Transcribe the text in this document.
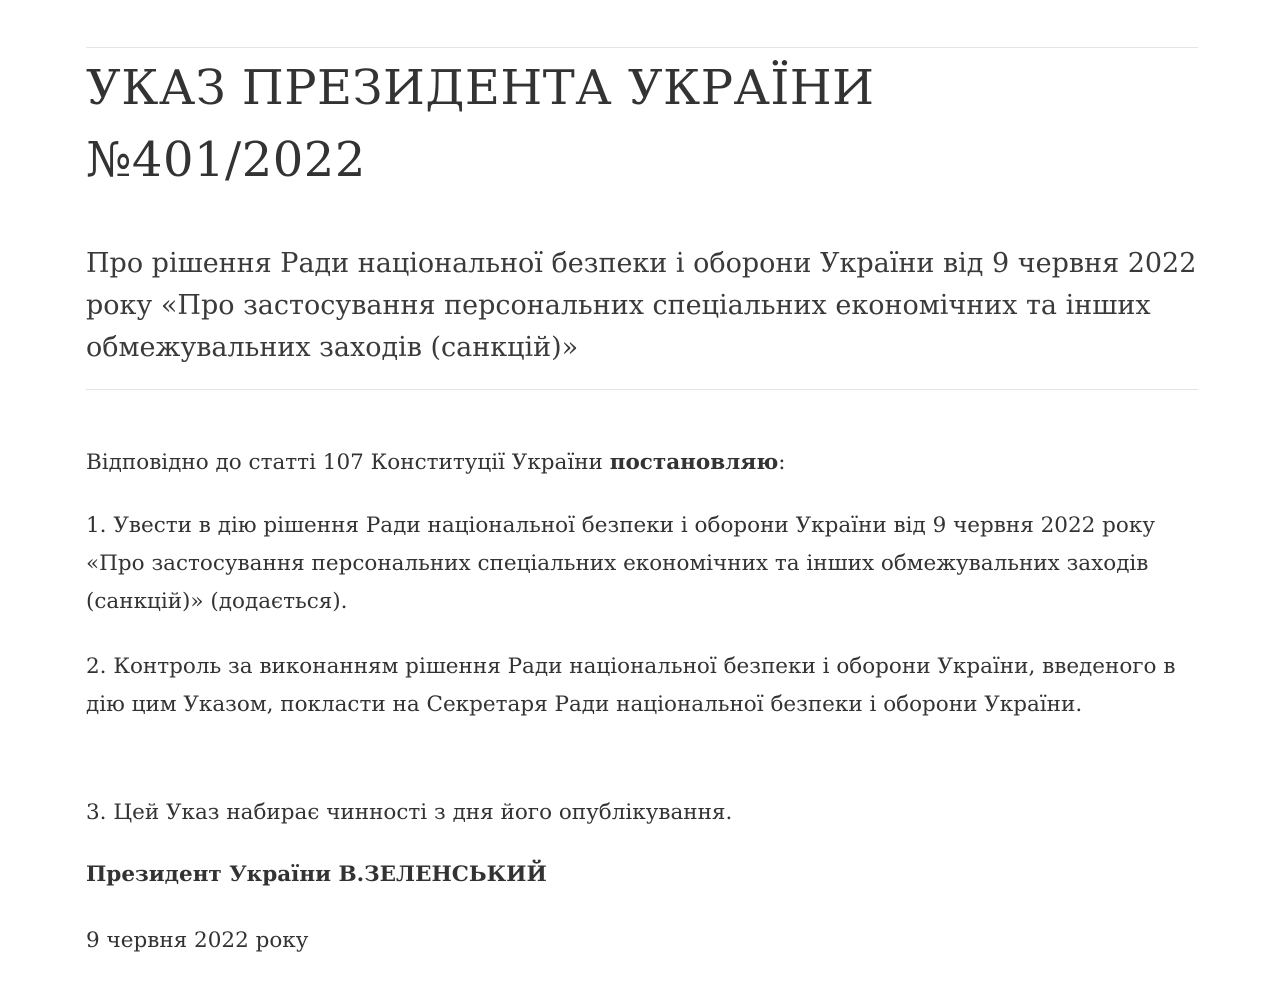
УКАЗ ПРЕЗИДЕНТА УКРАЇНИ
№401/2022

Про рішення Ради національної безпеки і оборони України від 9 червня 2022 року «Про застосування персональних спеціальних економічних та інших обмежувальних заходів (санкцій)»

Відповідно до статті 107 Конституції України постановляю:

1. Увести в дію рішення Ради національної безпеки і оборони України від 9 червня 2022 року «Про застосування персональних спеціальних економічних та інших обмежувальних заходів (санкцій)» (додається).

2. Контроль за виконанням рішення Ради національної безпеки і оборони України, введеного в дію цим Указом, покласти на Секретаря Ради національної безпеки і оборони України.

3. Цей Указ набирає чинності з дня його опублікування.

Президент України В.ЗЕЛЕНСЬКИЙ

9 червня 2022 року
